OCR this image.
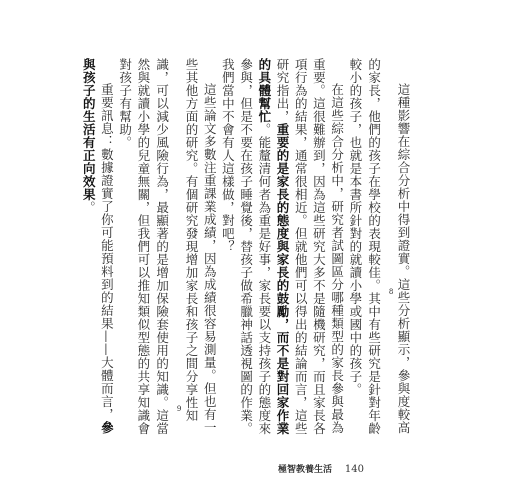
這種影響在綜合分析中得到證實。這些分析顯示，參與度較高的家長，他們的孩子在學校的表現較佳。 $^8$其中有些研究是針對年齡較小的孩子，也就是本書所針對的就讀小學或國中的孩子。

在這些綜合分析中，研究者試圖區分哪種類型的家長參與最為重要。這很難辦到，因為這些研究大多不是隨機研究，而且家長各項行為的結果，通常很相近。但就他們可以得出的結論而言，這些研究指出，重要的是家長的態度與家長的鼓勵，而不是對回家作業的具體幫忙。能釐清何者為重是好事，家長要以支持孩子的態度來參與，但是不要在孩子睡覺後，替孩子做希臘神話透視圖的作業。我們當中不會有人這樣做，對吧？

這些論文多數注重課業成績，因為成績很容易測量。但也有一些其他方面的研究。有個研究發現增加家長和孩子之間分享性知識，可以減少風險行為，最顯著的是增加保險套使用的知識。 $^9$這當然與就讀小學的兒童無關，但我們可以推知類似型態的共享知識會對孩子有幫助。

重要訊息：數據證實了你可能預料到的結果——大體而言，參與孩子的生活有正向效果。

極智教養生活 140
